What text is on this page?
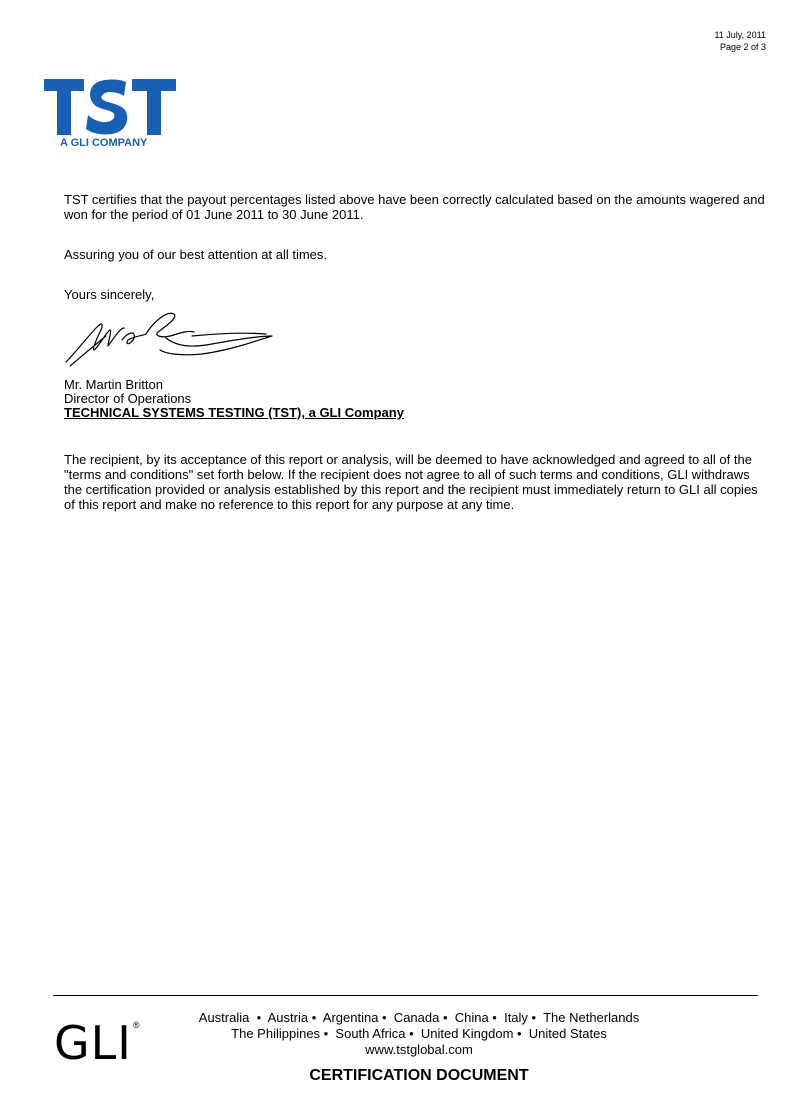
11 July, 2011
Page 2 of 3
A GLI COMPANY
TST certifies that the payout percentages listed above have been correctly calculated based on the amounts wagered and won for the period of 01 June 2011 to 30 June 2011.
Assuring you of our best attention at all times.
Yours sincerely,
Mr. Martin Britton
Director of Operations
TECHNICAL SYSTEMS TESTING (TST), a GLI Company
The recipient, by its acceptance of this report or analysis, will be deemed to have acknowledged and agreed to all of the "terms and conditions" set forth below. If the recipient does not agree to all of such terms and conditions, GLI withdraws the certification provided or analysis established by this report and the recipient must immediately return to GLI all copies of this report and make no reference to this report for any purpose at any time.
GLI®	Australia  •  Austria •  Argentina •  Canada •  China •  Italy •  The Netherlands
The Philippines •  South Africa •  United Kingdom •  United States
www.tstglobal.com
CERTIFICATION DOCUMENT
